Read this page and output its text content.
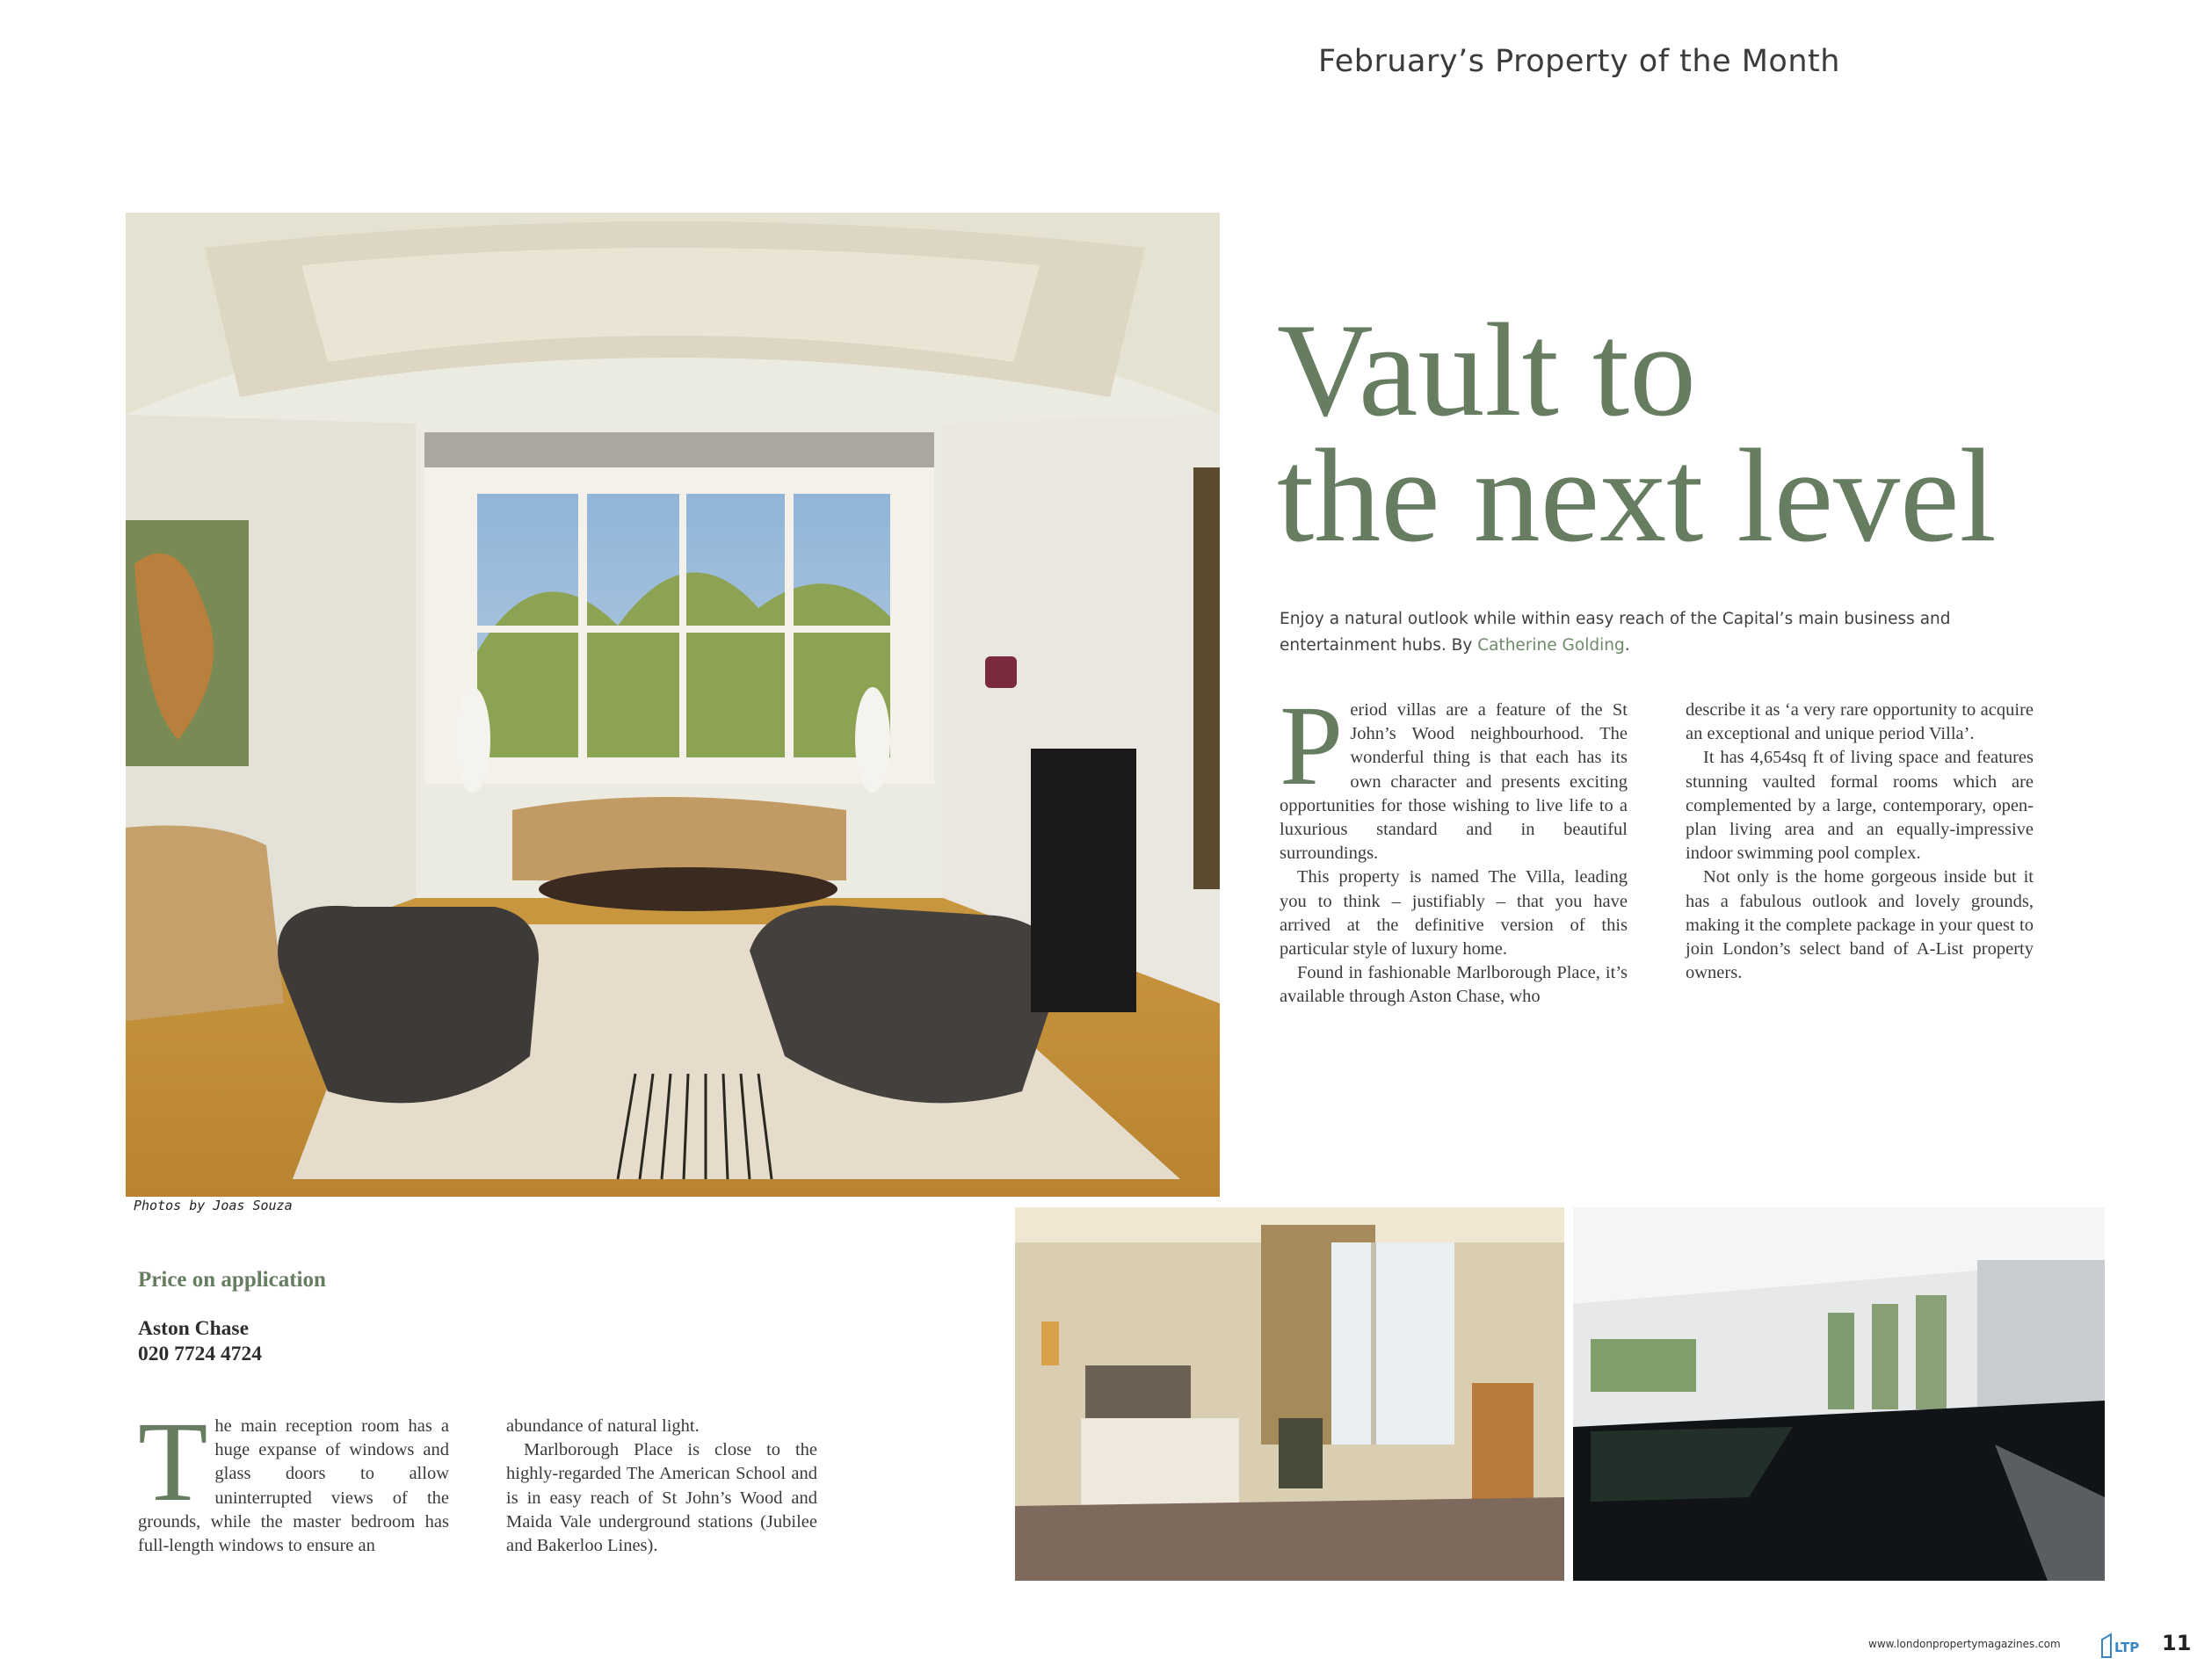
February’s Property of the Month
Photos by Joas Souza
Vault to
the next level
Enjoy a natural outlook while within easy reach of the Capital’s main business and entertainment hubs. By Catherine Golding.
P eriod villas are a feature of the St John’s Wood neighbourhood. The wonderful thing is that each has its own character and presents exciting opportunities for those wishing to live life to a luxurious standard and in beautiful surroundings.

This property is named The Villa, leading you to think – justifiably – that you have arrived at the definitive version of this particular style of luxury home.

Found in fashionable Marlborough Place, it’s available through Aston Chase, who

describe it as ‘a very rare opportunity to acquire an exceptional and unique period Villa’.

It has 4,654sq ft of living space and features stunning vaulted formal rooms which are complemented by a large, contemporary, open-plan living area and an equally-impressive indoor swimming pool complex.

Not only is the home gorgeous inside but it has a fabulous outlook and lovely grounds, making it the complete package in your quest to join London’s select band of A-List property owners.

Price on application
Aston Chase
020 7724 4724
T he main reception room has a huge expanse of windows and glass doors to allow uninterrupted views of the grounds, while the master bedroom has full-length windows to ensure an

abundance of natural light.

Marlborough Place is close to the highly-regarded The American School and is in easy reach of St John’s Wood and Maida Vale underground stations (Jubilee and Bakerloo Lines).

www.londonpropertymagazines.com	LTP 11
